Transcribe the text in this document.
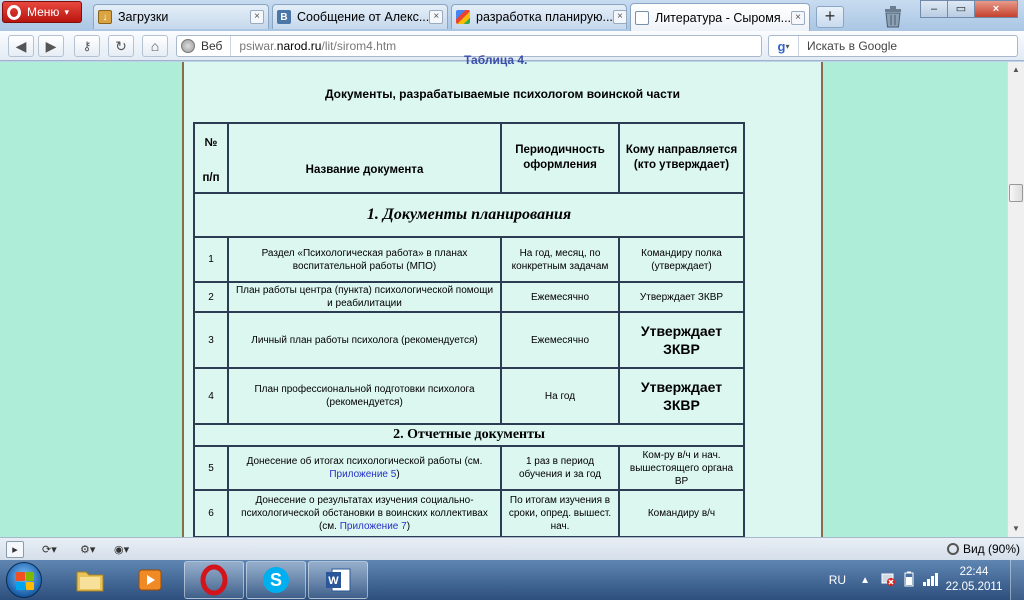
Меню ▾	↓ Загрузки	×	B Сообщение от Алекс... ×	разработка планирую... ×	Литература - Сыромя... ×	+	–	▭	×
◀	▶	⚷	↻	⌂	Веб	psiwar.narod.ru/lit/sirom4.htm	g ▾	Искать в Google
Таблица 4.
Документы, разрабатываемые психологом воинской части
№
п/п	Название документа	Периодичность оформления	Кому направляется (кто утверждает)
1. Документы планирования			
1	Раздел «Психологическая работа» в планах воспитательной работы (МПО)	На год, месяц, по конкретным задачам	Командиру полка (утверждает)
2	План работы центра (пункта) психологической помощи и реабилитации	Ежемесячно	Утверждает ЗКВР
3	Личный план работы психолога (рекомендуется)	Ежемесячно	Утверждает ЗКВР
4	План профессиональной подготовки психолога (рекомендуется)	На год	Утверждает ЗКВР
2. Отчетные документы			
5	Донесение об итогах психологической работы (см. Приложение 5)	1 раз в период обучения и за год	Ком-ру в/ч и нач. вышестоящего органа ВР
6	Донесение о результатах изучения социально-психологической обстановки в воинских коллективах (см. Приложение 7)	По итогам изучения в сроки, опред. вышест. нач.	Командиру в/ч

▲
▼
▸	⟳▾ ⚙▾ ◉▾	Вид (90%)
S	W	RU ▲
22:44
22.05.2011
